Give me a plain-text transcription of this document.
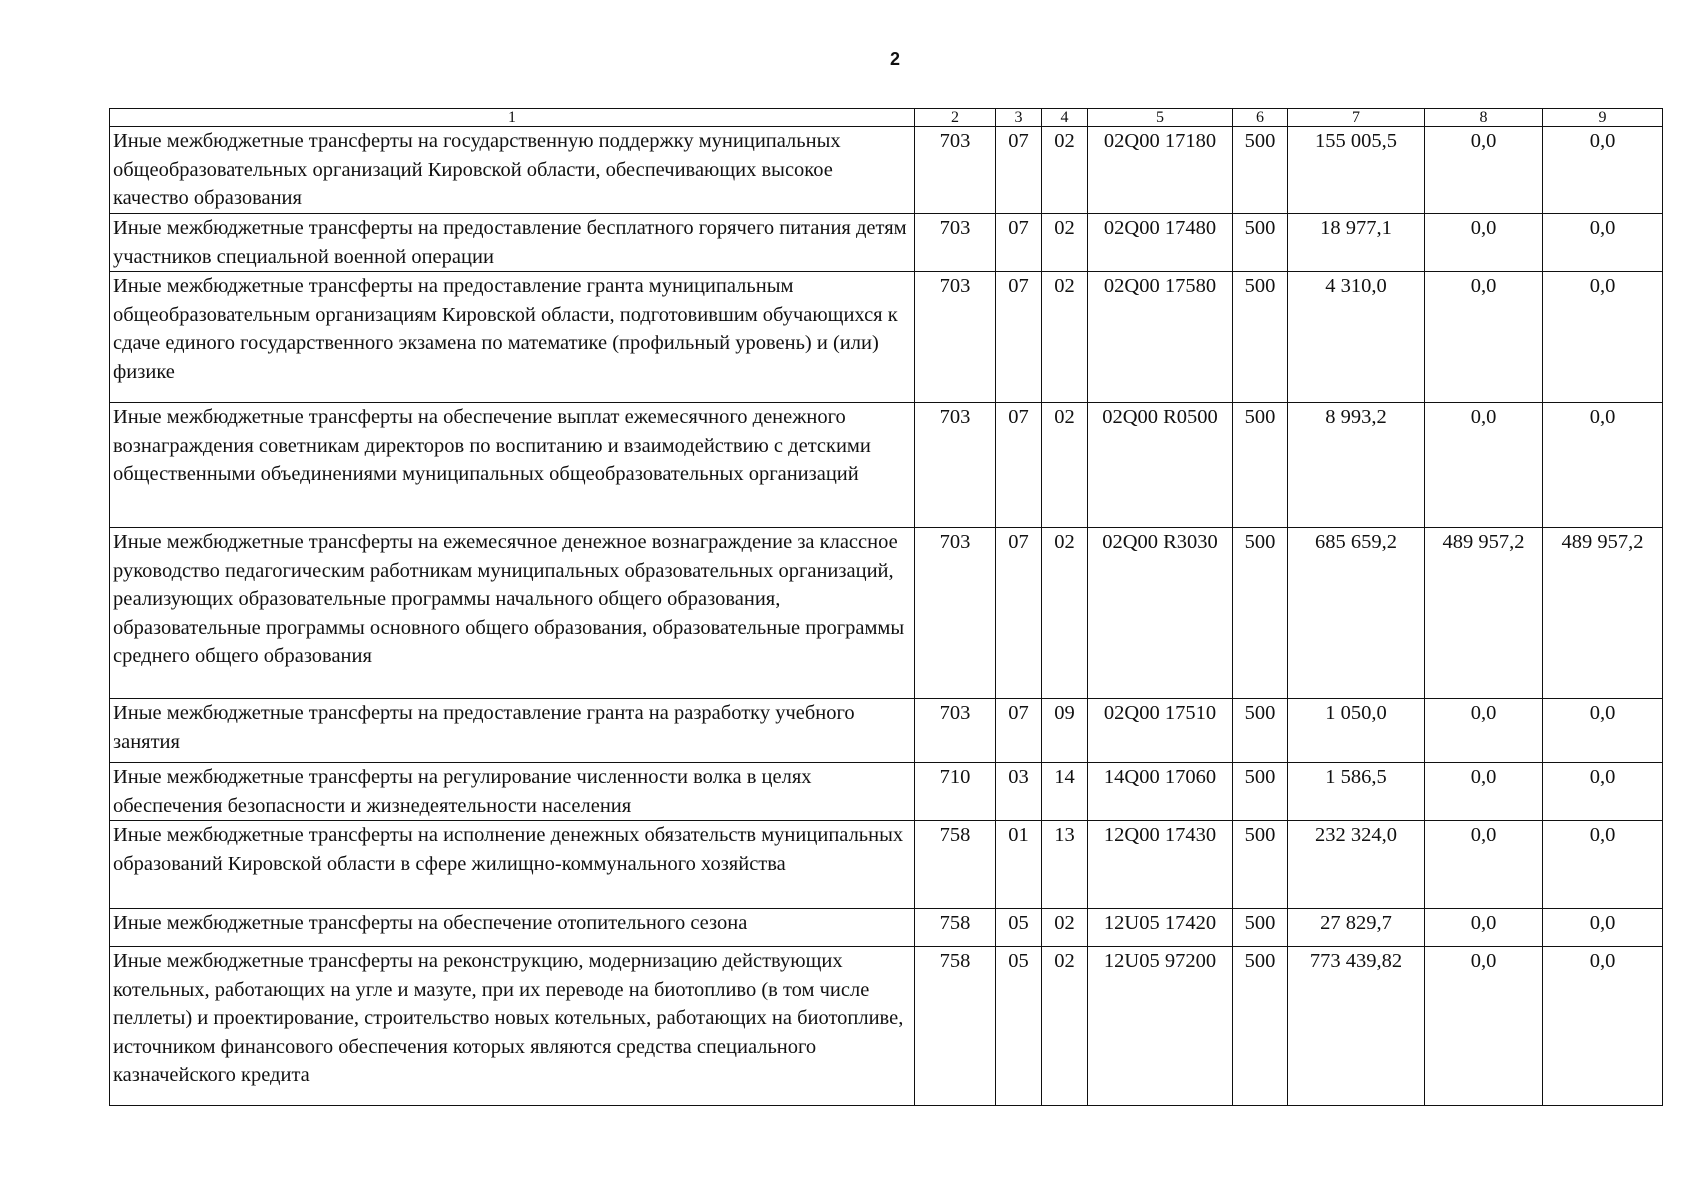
2
1	2	3	4	5	6	7	8	9
Иные межбюджетные трансферты на государственную поддержку муниципальных общеобразовательных организаций Кировской области, обеспечивающих высокое качество образования	703	07	02	02Q00 17180	500	155 005,5	0,0	0,0
Иные межбюджетные трансферты на предоставление бесплатного горячего питания детям участников специальной военной операции	703	07	02	02Q00 17480	500	18 977,1	0,0	0,0
Иные межбюджетные трансферты на предоставление гранта муниципальным общеобразовательным организациям Кировской области, подготовившим обучающихся к сдаче единого государственного экзамена по математике (профильный уровень) и (или) физике	703	07	02	02Q00 17580	500	4 310,0	0,0	0,0
Иные межбюджетные трансферты на обеспечение выплат ежемесячного денежного вознаграждения советникам директоров по воспитанию и взаимодействию с детскими общественными объединениями муниципальных общеобразовательных организаций	703	07	02	02Q00 R0500	500	8 993,2	0,0	0,0
Иные межбюджетные трансферты на ежемесячное денежное вознаграждение за классное руководство педагогическим работникам муниципальных образовательных организаций, реализующих образовательные программы начального общего образования, образовательные программы основного общего образования, образовательные программы среднего общего образования	703	07	02	02Q00 R3030	500	685 659,2	489 957,2	489 957,2
Иные межбюджетные трансферты на предоставление гранта на разработку учебного занятия	703	07	09	02Q00 17510	500	1 050,0	0,0	0,0
Иные межбюджетные трансферты на регулирование численности волка в целях обеспечения безопасности и жизнедеятельности населения	710	03	14	14Q00 17060	500	1 586,5	0,0	0,0
Иные межбюджетные трансферты на исполнение денежных обязательств муниципальных образований Кировской области в сфере жилищно-коммунального хозяйства	758	01	13	12Q00 17430	500	232 324,0	0,0	0,0
Иные межбюджетные трансферты на обеспечение отопительного сезона	758	05	02	12U05 17420	500	27 829,7	0,0	0,0
Иные межбюджетные трансферты на реконструкцию, модернизацию действующих котельных, работающих на угле и мазуте, при их переводе на биотопливо (в том числе пеллеты) и проектирование, строительство новых котельных, работающих на биотопливе, источником финансового обеспечения которых являются средства специального казначейского кредита	758	05	02	12U05 97200	500	773 439,82	0,0	0,0
